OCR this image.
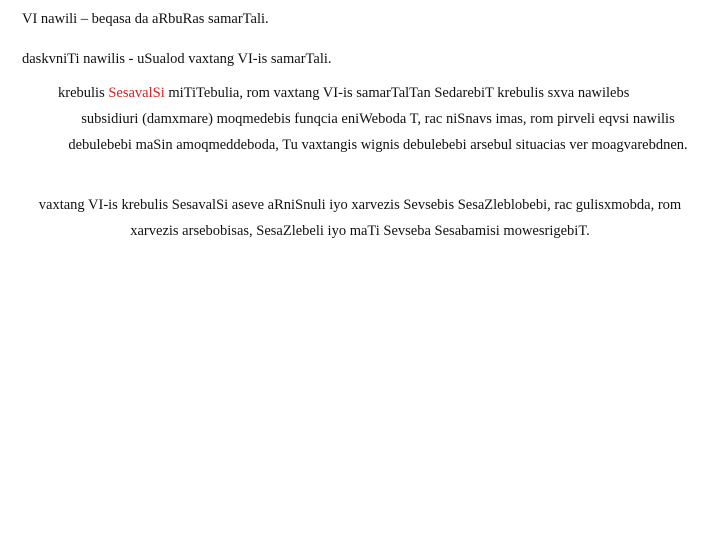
VI nawili – beqasa da aRbuRas samarTali.
daskvniTi nawilis - uSualod vaxtang VI-is samarTali.
krebulis SesavalSi miTiTebulia, rom vaxtang VI-is samarTalTan SedarebiT krebulis sxva nawilebs
subsidiuri (damxmare) moqmedebis funqcia eniWeboda T, rac niSnavs imas, rom pirveli eqvsi nawilis debulebebi maSin amoqmeddeboda, Tu vaxtangis wignis debulebebi arsebul situacias ver moagvarebdnen.
vaxtang VI-is krebulis SesavalSi aseve aRniSnuli iyo xarvezis Sevsebis SesaZleblobebi, rac gulisxmobda, rom xarvezis arsebobisas, SesaZlebeli iyo maTi Sevseba Sesabamisi mowesrigebiT.
